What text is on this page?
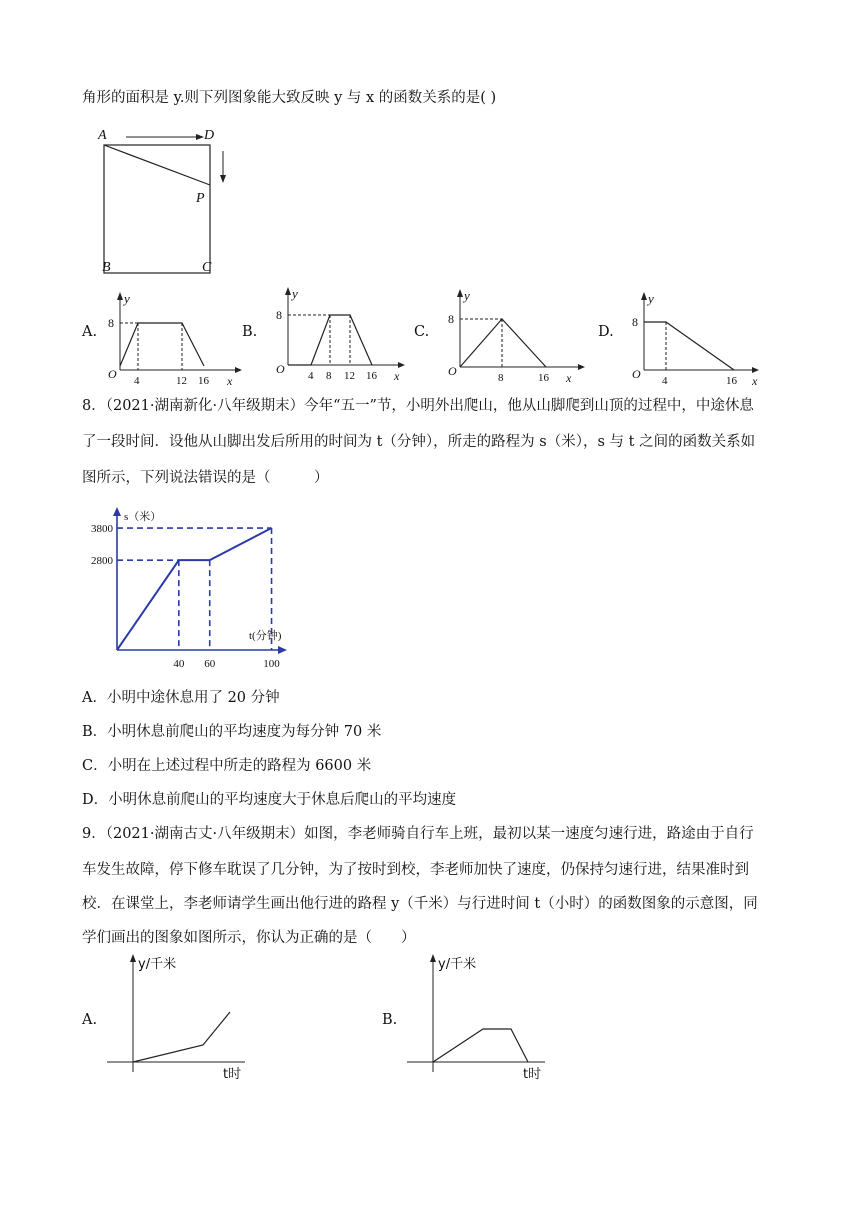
角形的面积是 y.则下列图象能大致反映 y 与 x 的函数关系的是( )
A	D
P
B	C
A.
y
8
O 4	12 16 x
B.
y
8
O 4 8 12 16 x
C.
y
8
O	8	16 x
D.
y
8
O 4	16 x
8．（2021·湖南新化·八年级期末）今年“五一”节，小明外出爬山，他从山脚爬到山顶的过程中，中途休息
了一段时间．设他从山脚出发后所用的时间为 t（分钟），所走的路程为 s（米），s 与 t 之间的函数关系如
图所示，下列说法错误的是（　　　）
s（米）
t(分钟)
40 60	100
2800
3800
A．小明中途休息用了 20 分钟
B．小明休息前爬山的平均速度为每分钟 70 米
C．小明在上述过程中所走的路程为 6600 米
D．小明休息前爬山的平均速度大于休息后爬山的平均速度
9．（2021·湖南古丈·八年级期末）如图，李老师骑自行车上班，最初以某一速度匀速行进，路途由于自行
车发生故障，停下修车耽误了几分钟，为了按时到校，李老师加快了速度，仍保持匀速行进，结果准时到
校．在课堂上，李老师请学生画出他行进的路程 y（千米）与行进时间 t（小时）的函数图象的示意图，同
学们画出的图象如图所示，你认为正确的是（　　）
A.
y/千米
t时
B.
y/千米
t时
